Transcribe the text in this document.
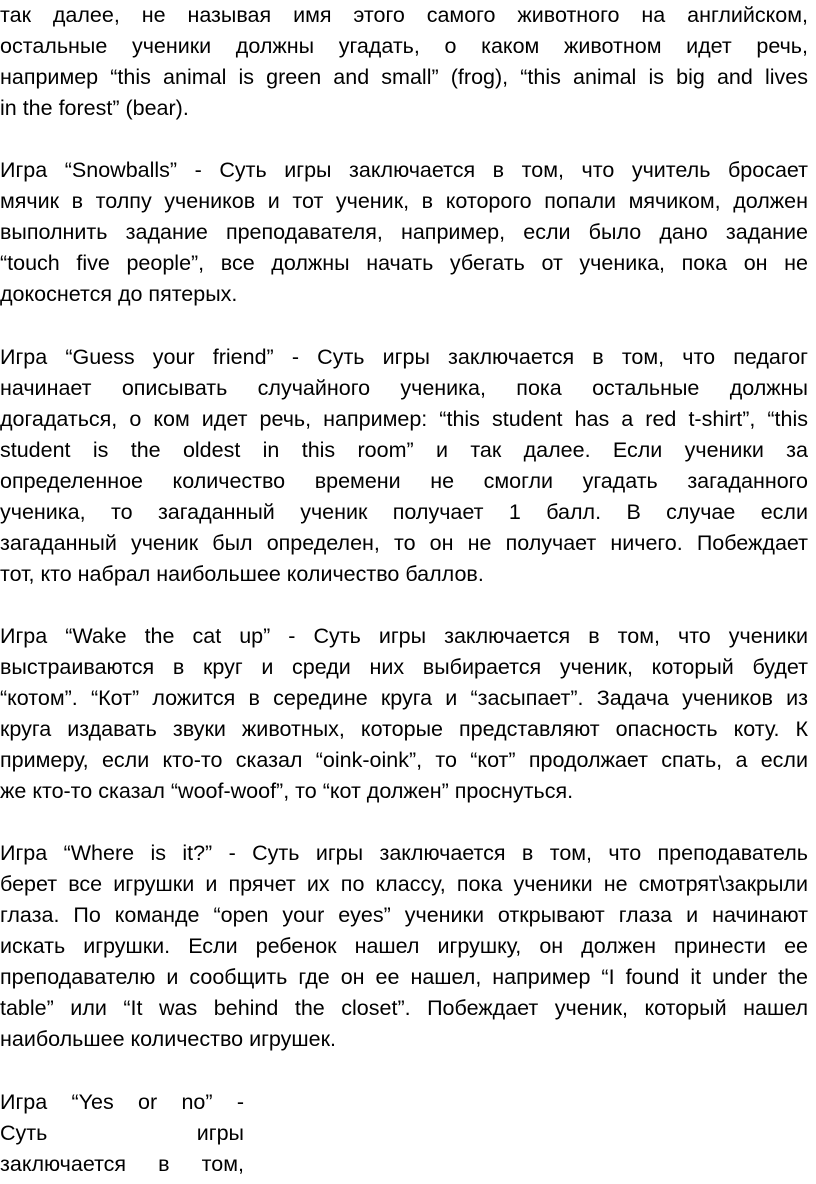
так далее, не называя имя этого самого животного на английском,
остальные ученики должны угадать, о каком животном идет речь,
например “this animal is green and small” (frog), “this animal is big and lives
in the forest” (bear).
Игра “Snowballs” - Суть игры заключается в том, что учитель бросает
мячик в толпу учеников и тот ученик, в которого попали мячиком, должен
выполнить задание преподавателя, например, если было дано задание
“touch five people”, все должны начать убегать от ученика, пока он не
докоснется до пятерых.
Игра “Guess your friend” - Суть игры заключается в том, что педагог
начинает описывать случайного ученика, пока остальные должны
догадаться, о ком идет речь, например: “this student has a red t-shirt”, “this
student is the oldest in this room” и так далее. Если ученики за
определенное количество времени не смогли угадать загаданного
ученика, то загаданный ученик получает 1 балл. В случае если
загаданный ученик был определен, то он не получает ничего. Побеждает
тот, кто набрал наибольшее количество баллов.
Игра “Wake the cat up” - Суть игры заключается в том, что ученики
выстраиваются в круг и среди них выбирается ученик, который будет
“котом”. “Кот” ложится в середине круга и “засыпает”. Задача учеников из
круга издавать звуки животных, которые представляют опасность коту. К
примеру, если кто-то сказал “oink-oink”, то “кот” продолжает спать, а если
же кто-то сказал “woof-woof”, то “кот должен” проснуться.
Игра “Where is it?” - Суть игры заключается в том, что преподаватель
берет все игрушки и прячет их по классу, пока ученики не смотрят\закрыли
глаза. По команде “open your eyes” ученики открывают глаза и начинают
искать игрушки. Если ребенок нашел игрушку, он должен принести ее
преподавателю и сообщить где он ее нашел, например “I found it under the
table” или “It was behind the closet”. Побеждает ученик, который нашел
наибольшее количество игрушек.
Игра “Yes or no” -
Суть игры
заключается в том,
